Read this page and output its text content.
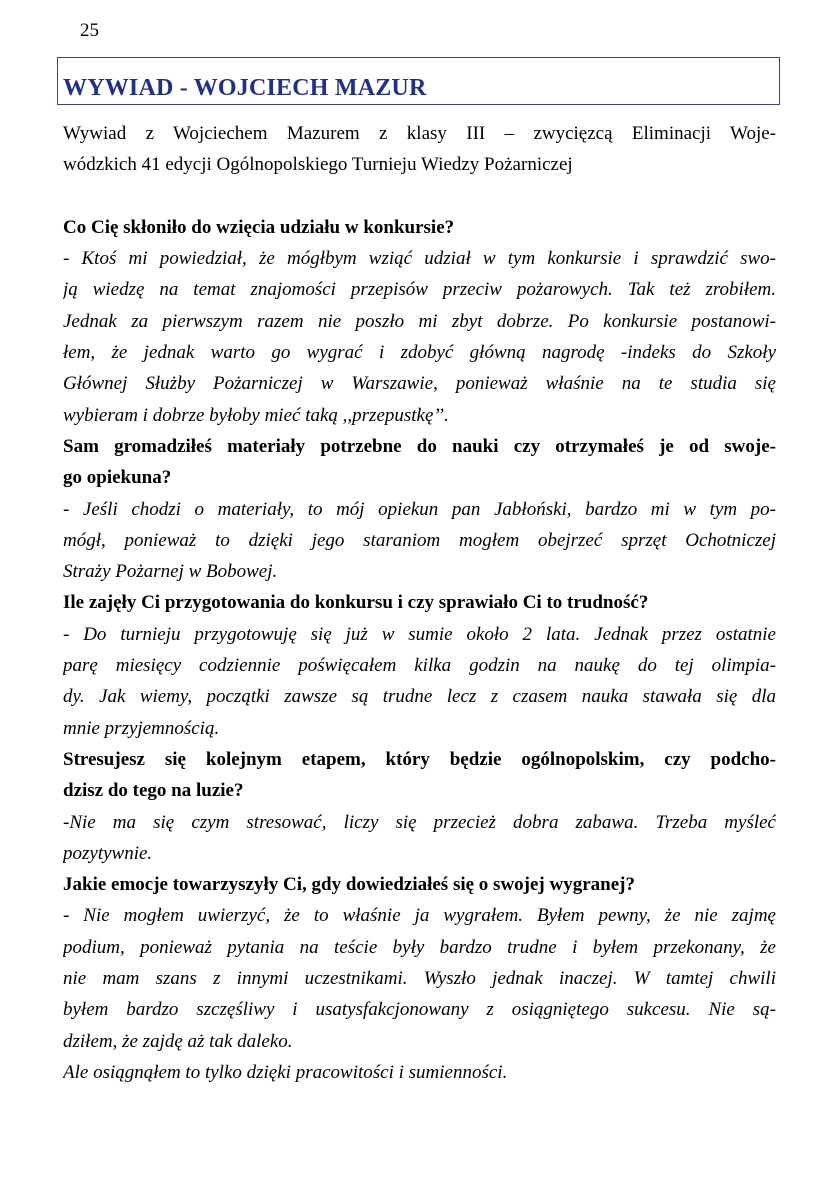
25
WYWIAD - WOJCIECH MAZUR
Wywiad z Wojciechem Mazurem z klasy III – zwycięzcą Eliminacji Woje-
wódzkich 41 edycji Ogólnopolskiego Turnieju Wiedzy Pożarniczej
Co Cię skłoniło do wzięcia udziału w konkursie?
- Ktoś mi powiedział, że mógłbym wziąć udział w tym konkursie i sprawdzić swo-
ją wiedzę na temat znajomości przepisów przeciw pożarowych. Tak też zrobiłem.
Jednak za pierwszym razem nie poszło mi zbyt dobrze. Po konkursie postanowi-
łem, że jednak warto go wygrać i zdobyć główną nagrodę -indeks do Szkoły
Głównej Służby Pożarniczej w Warszawie, ponieważ właśnie na te studia się
wybieram i dobrze byłoby mieć taką ,,przepustkę’’.
Sam gromadziłeś materiały potrzebne do nauki czy otrzymałeś je od swoje-
go opiekuna?
- Jeśli chodzi o materiały, to mój opiekun pan Jabłoński, bardzo mi w tym po-
mógł, ponieważ to dzięki jego staraniom mogłem obejrzeć sprzęt Ochotniczej
Straży Pożarnej w Bobowej.
Ile zajęły Ci przygotowania do konkursu i czy sprawiało Ci to trudność?
- Do turnieju przygotowuję się już w sumie około 2 lata. Jednak przez ostatnie
parę miesięcy codziennie poświęcałem kilka godzin na naukę do tej olimpia-
dy. Jak wiemy, początki zawsze są trudne lecz z czasem nauka stawała się dla
mnie przyjemnością.
Stresujesz się kolejnym etapem, który będzie ogólnopolskim, czy podcho-
dzisz do tego na luzie?
-Nie ma się czym stresować, liczy się przecież dobra zabawa. Trzeba myśleć
pozytywnie.
Jakie emocje towarzyszyły Ci, gdy dowiedziałeś się o swojej wygranej?
- Nie mogłem uwierzyć, że to właśnie ja wygrałem. Byłem pewny, że nie zajmę
podium, ponieważ pytania na teście były bardzo trudne i byłem przekonany, że
nie mam szans z innymi uczestnikami. Wyszło jednak inaczej. W tamtej chwili
byłem bardzo szczęśliwy i usatysfakcjonowany z osiągniętego sukcesu. Nie są-
dziłem, że zajdę aż tak daleko.
Ale osiągnąłem to tylko dzięki pracowitości i sumienności.
